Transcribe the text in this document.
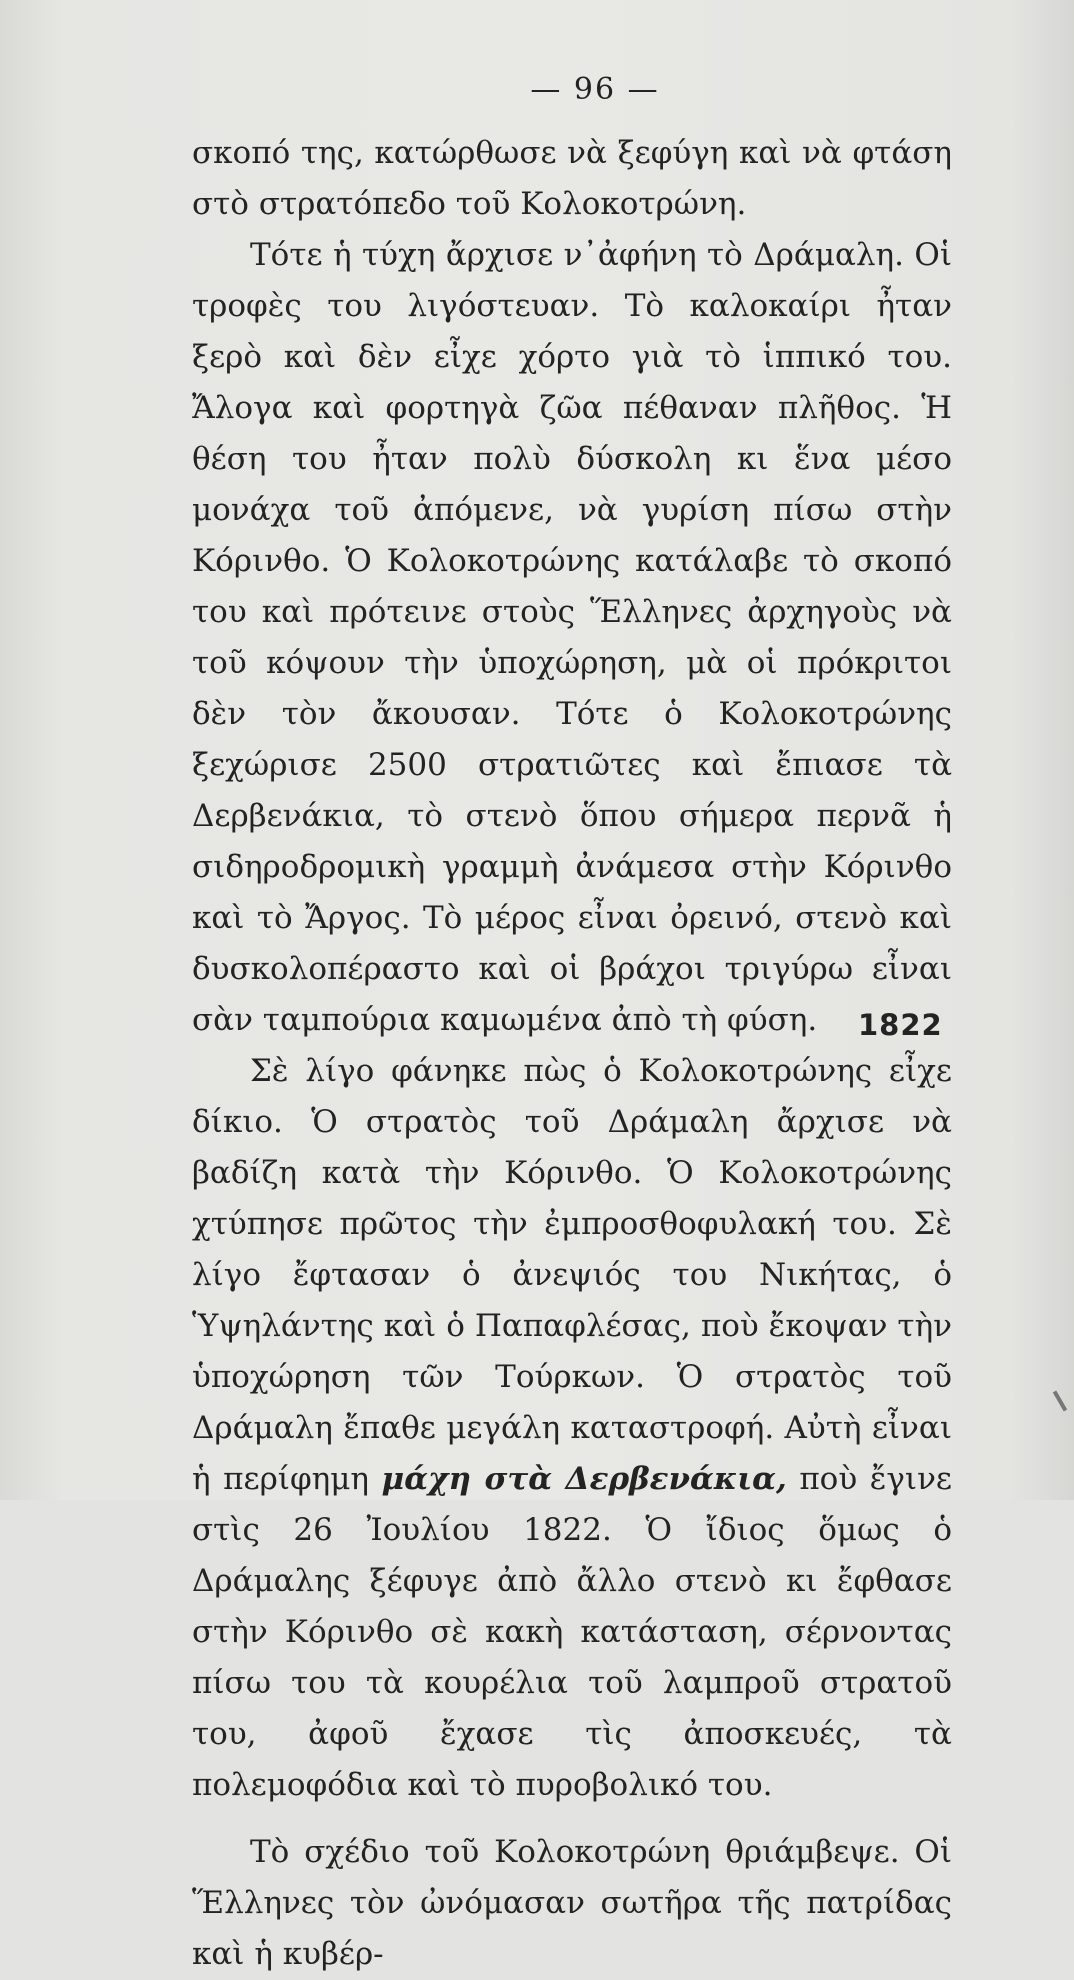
— 96 —

σκοπό της, κατώρθωσε νὰ ξεφύγη καὶ νὰ φτάση στὸ στρατόπεδο τοῦ Κολοκοτρώνη.

Τότε ἡ τύχη ἄρχισε ν᾽ἀφήνη τὸ Δράμαλη. Οἱ τροφὲς του λιγόστευαν. Τὸ καλοκαίρι ἦταν ξερὸ καὶ δὲν εἶχε χόρτο γιὰ τὸ ἱππικό του. Ἄλογα καὶ φορτηγὰ ζῶα πέθαναν πλῆθος. Ἡ θέση του ἦταν πολὺ δύσκολη κι ἕνα μέσο μονάχα τοῦ ἀπόμενε, νὰ γυρίση πίσω στὴν Κόρινθο. Ὁ Κολοκοτρώνης κατάλαβε τὸ σκοπό του καὶ πρότεινε στοὺς Ἕλληνες ἀρχηγοὺς νὰ τοῦ κόψουν τὴν ὑποχώρηση, μὰ οἱ πρόκριτοι δὲν τὸν ἄκουσαν. Τότε ὁ Κολοκοτρώνης ξεχώρισε 2500 στρατιῶτες καὶ ἔπιασε τὰ Δερβενάκια, τὸ στενὸ ὅπου σήμερα περνᾶ ἡ σιδηροδρομικὴ γραμμὴ ἀνάμεσα στὴν Κόρινθο καὶ τὸ Ἄργος. Τὸ μέρος εἶναι ὀρεινό, στενὸ καὶ δυσκολοπέραστο καὶ οἱ βράχοι τριγύρω εἶναι σὰν ταμπούρια καμωμένα ἀπὸ τὴ φύση.

Σὲ λίγο φάνηκε πὼς ὁ Κολοκοτρώνης εἶχε δίκιο. Ὁ στρατὸς τοῦ Δράμαλη ἄρχισε νὰ βαδίζη κατὰ τὴν Κόρινθο. Ὁ Κολοκοτρώνης χτύπησε πρῶτος τὴν ἐμπροσθοφυλακή του. Σὲ λίγο ἔφτασαν ὁ ἀνεψιός του Νικήτας, ὁ Ὑψηλάντης καὶ ὁ Παπαφλέσας, ποὺ ἔκοψαν τὴν ὑποχώρηση τῶν Τούρκων. Ὁ στρατὸς τοῦ Δράμαλη ἔπαθε μεγάλη καταστροφή. Αὐτὴ εἶναι ἡ περίφημη μάχη στὰ Δερβενάκια, ποὺ ἔγινε στὶς 26 Ἰουλίου 1822. Ὁ ἴδιος ὅμως ὁ Δράμαλης ξέφυγε ἀπὸ ἄλλο στενὸ κι ἔφθασε στὴν Κόρινθο σὲ κακὴ κατάσταση, σέρνοντας πίσω του τὰ κουρέλια τοῦ λαμπροῦ στρατοῦ του, ἀφοῦ ἔχασε τὶς ἀποσκευές, τὰ πολεμοφόδια καὶ τὸ πυροβολικό του.

Τὸ σχέδιο τοῦ Κολοκοτρώνη θριάμβεψε. Οἱ Ἕλληνες τὸν ὠνόμασαν σωτῆρα τῆς πατρίδας καὶ ἡ κυβέρ-

1822
